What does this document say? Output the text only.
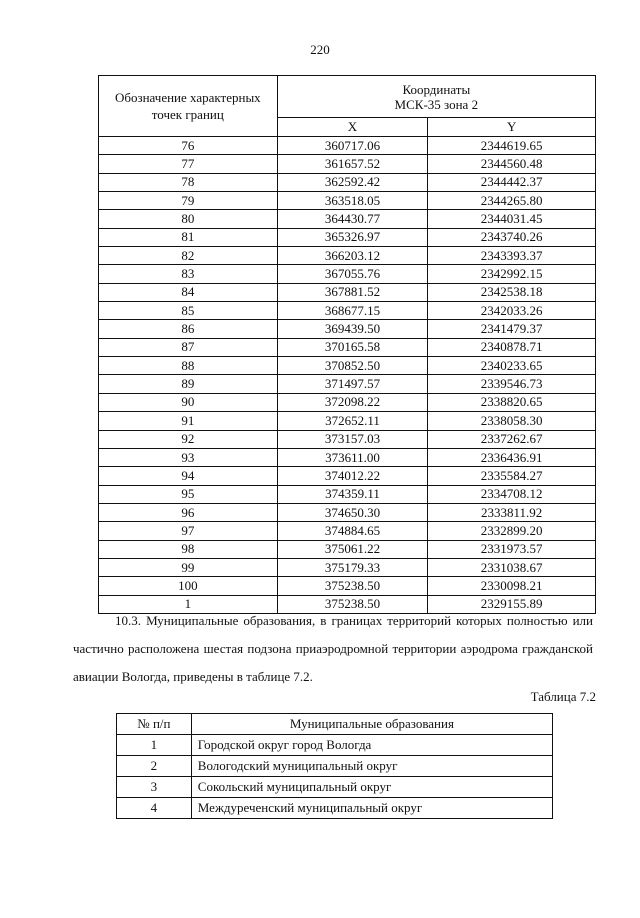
220
Обозначение характерных точек границ	Координаты
МСК-35 зона 2	
	X	Y
76	360717.06	2344619.65
77	361657.52	2344560.48
78	362592.42	2344442.37
79	363518.05	2344265.80
80	364430.77	2344031.45
81	365326.97	2343740.26
82	366203.12	2343393.37
83	367055.76	2342992.15
84	367881.52	2342538.18
85	368677.15	2342033.26
86	369439.50	2341479.37
87	370165.58	2340878.71
88	370852.50	2340233.65
89	371497.57	2339546.73
90	372098.22	2338820.65
91	372652.11	2338058.30
92	373157.03	2337262.67
93	373611.00	2336436.91
94	374012.22	2335584.27
95	374359.11	2334708.12
96	374650.30	2333811.92
97	374884.65	2332899.20
98	375061.22	2331973.57
99	375179.33	2331038.67
100	375238.50	2330098.21
1	375238.50	2329155.89
10.3. Муниципальные образования, в границах территорий которых полностью или частично расположена шестая подзона приаэродромной территории аэродрома гражданской авиации Вологда, приведены в таблице 7.2.
Таблица 7.2
№ п/п	Муниципальные образования
1	Городской округ город Вологда
2	Вологодский муниципальный округ
3	Сокольский муниципальный округ
4	Междуреченский муниципальный округ
